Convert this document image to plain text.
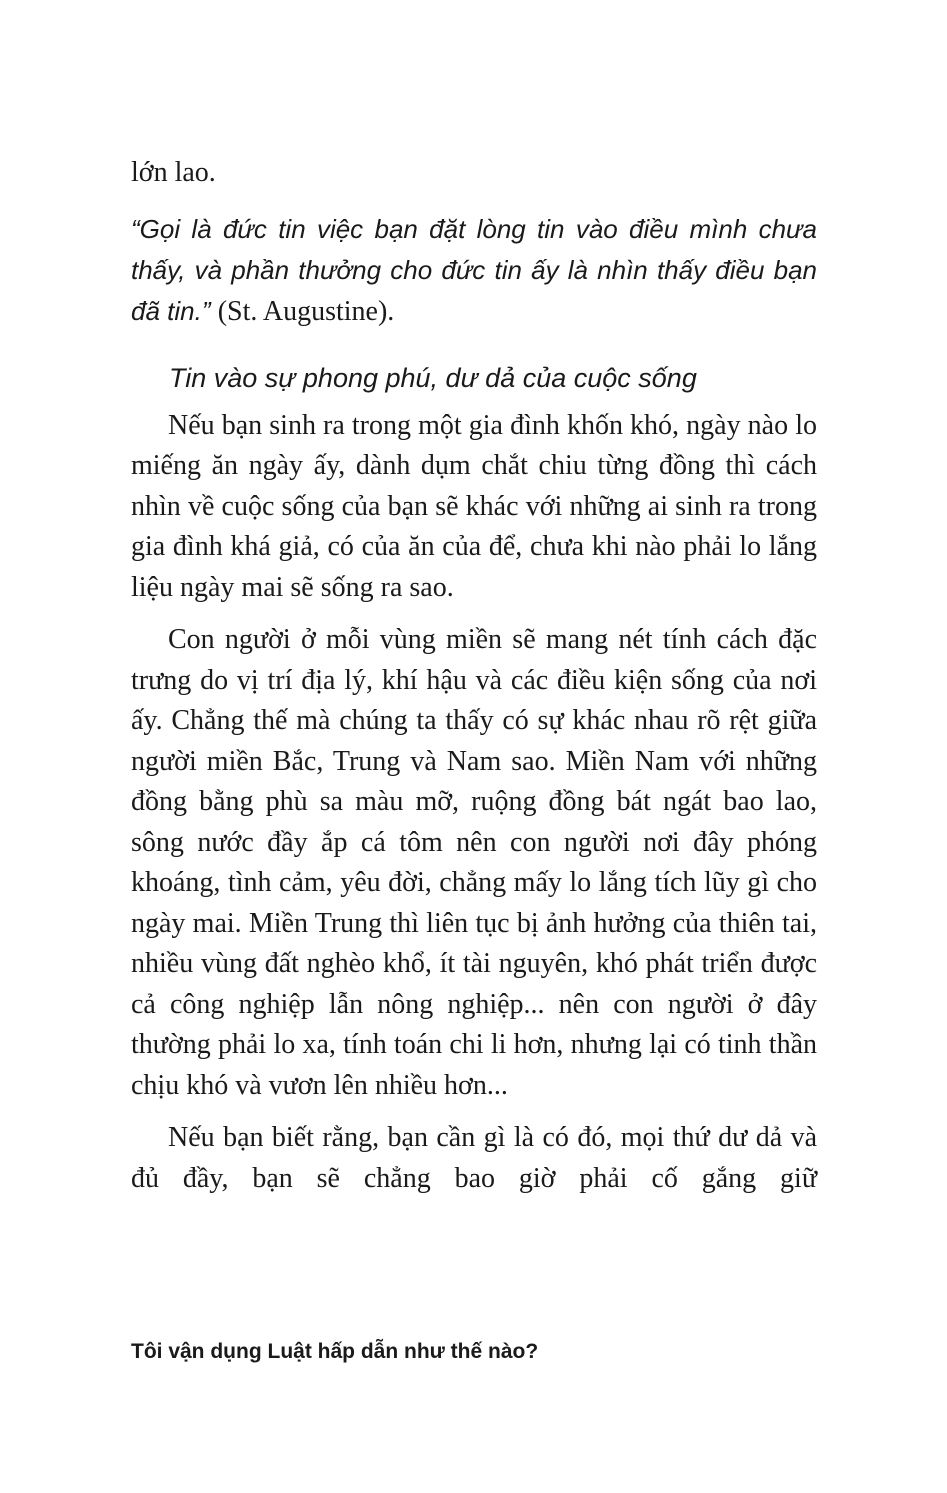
lớn lao.

“Gọi là đức tin việc bạn đặt lòng tin vào điều mình chưa thấy, và phần thưởng cho đức tin ấy là nhìn thấy điều bạn đã tin.” (St. Augustine).

Tin vào sự phong phú, dư dả của cuộc sống

Nếu bạn sinh ra trong một gia đình khốn khó, ngày nào lo miếng ăn ngày ấy, dành dụm chắt chiu từng đồng thì cách nhìn về cuộc sống của bạn sẽ khác với những ai sinh ra trong gia đình khá giả, có của ăn của để, chưa khi nào phải lo lắng liệu ngày mai sẽ sống ra sao.

Con người ở mỗi vùng miền sẽ mang nét tính cách đặc trưng do vị trí địa lý, khí hậu và các điều kiện sống của nơi ấy. Chẳng thế mà chúng ta thấy có sự khác nhau rõ rệt giữa người miền Bắc, Trung và Nam sao. Miền Nam với những đồng bằng phù sa màu mỡ, ruộng đồng bát ngát bao lao, sông nước đầy ắp cá tôm nên con người nơi đây phóng khoáng, tình cảm, yêu đời, chẳng mấy lo lắng tích lũy gì cho ngày mai. Miền Trung thì liên tục bị ảnh hưởng của thiên tai, nhiều vùng đất nghèo khổ, ít tài nguyên, khó phát triển được cả công nghiệp lẫn nông nghiệp... nên con người ở đây thường phải lo xa, tính toán chi li hơn, nhưng lại có tinh thần chịu khó và vươn lên nhiều hơn...

Nếu bạn biết rằng, bạn cần gì là có đó, mọi thứ dư dả và đủ đầy, bạn sẽ chẳng bao giờ phải cố gắng giữ

Tôi vận dụng Luật hấp dẫn như thế nào?
